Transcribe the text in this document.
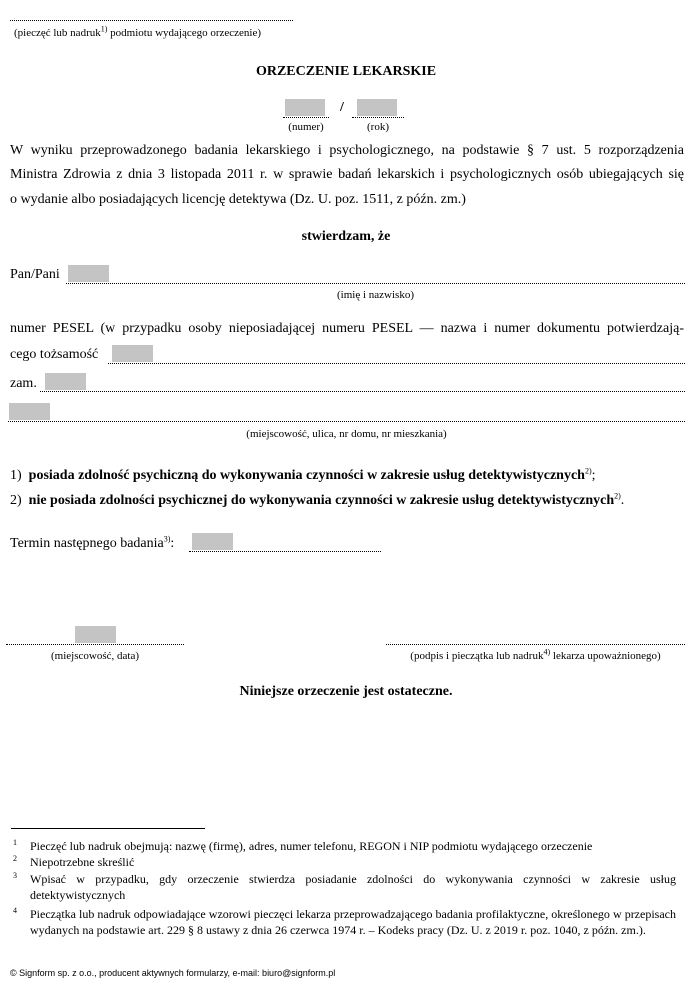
(pieczęć lub nadruk$^{1)}$ podmiotu wydającego orzeczenie)
ORZECZENIE LEKARSKIE
/
(numer)	(rok)
W wyniku przeprowadzonego badania lekarskiego i psychologicznego, na podstawie § 7 ust. 5 rozporządzenia
Ministra Zdrowia z dnia 3 listopada 2011 r. w sprawie badań lekarskich i psychologicznych osób ubiegających się
o wydanie albo posiadających licencję detektywa (Dz. U. poz. 1511, z późn. zm.)
stwierdzam, że
Pan/Pani
(imię i nazwisko)
numer PESEL (w przypadku osoby nieposiadającej numeru PESEL — nazwa i numer dokumentu potwierdzają-
cego tożsamość
zam.
(miejscowość, ulica, nr domu, nr mieszkania)
1) posiada zdolność psychiczną do wykonywania czynności w zakresie usług detektywistycznych$^{2)}$;
2) nie posiada zdolności psychicznej do wykonywania czynności w zakresie usług detektywistycznych$^{2)}$.
Termin następnego badania$^{3)}$:
(miejscowość, data)	(podpis i pieczątka lub nadruk$^{4)}$ lekarza upoważnionego)
Niniejsze orzeczenie jest ostateczne.
1 Pieczęć lub nadruk obejmują: nazwę (firmę), adres, numer telefonu, REGON i NIP podmiotu wydającego orzeczenie
2 Niepotrzebne skreślić
3 Wpisać w przypadku, gdy orzeczenie stwierdza posiadanie zdolności do wykonywania czynności w zakresie usług detektywistycznych
4 Pieczątka lub nadruk odpowiadające wzorowi pieczęci lekarza przeprowadzającego badania profilaktyczne, określonego w przepisach wydanych na podstawie art. 229 § 8 ustawy z dnia 26 czerwca 1974 r. – Kodeks pracy (Dz. U. z 2019 r. poz. 1040, z późn. zm.).
© Signform sp. z o.o., producent aktywnych formularzy, e-mail: biuro@signform.pl
